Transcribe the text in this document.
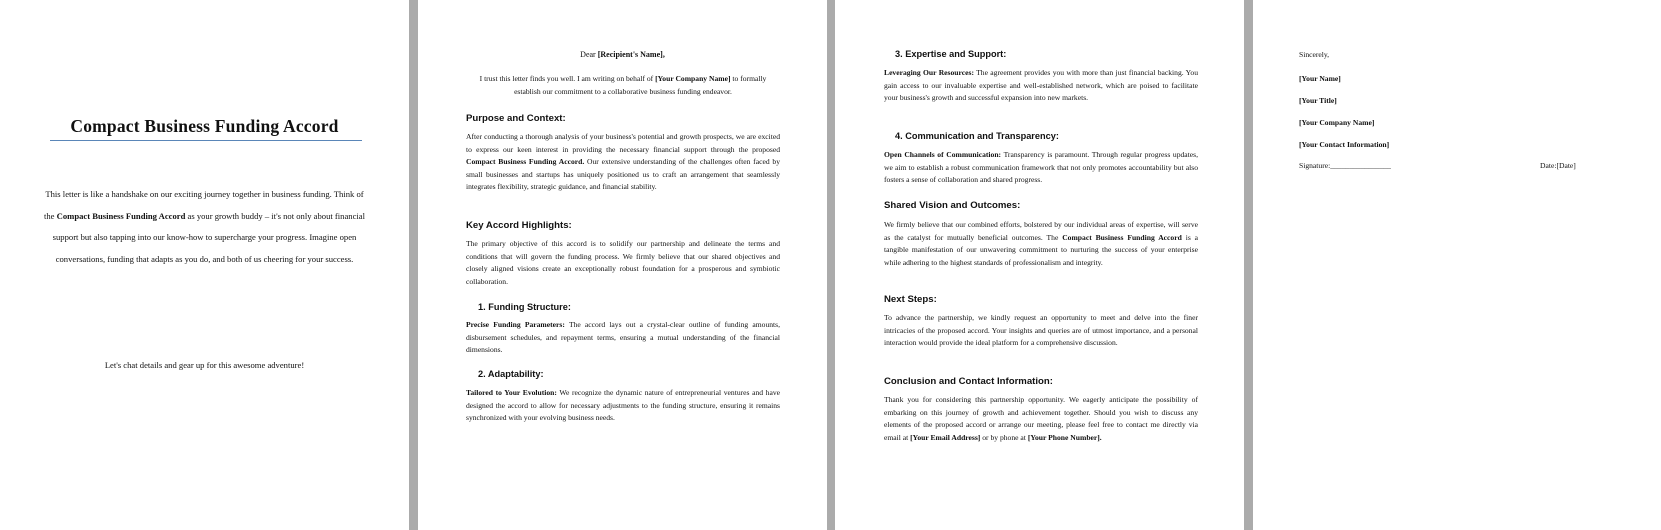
Compact Business Funding Accord
This letter is like a handshake on our exciting journey together in business funding. Think of the Compact Business Funding Accord as your growth buddy – it's not only about financial support but also tapping into our know-how to supercharge your progress. Imagine open conversations, funding that adapts as you do, and both of us cheering for your success.
Let's chat details and gear up for this awesome adventure!
Dear [Recipient's Name],
I trust this letter finds you well. I am writing on behalf of [Your Company Name] to formally establish our commitment to a collaborative business funding endeavor.
Purpose and Context:
After conducting a thorough analysis of your business's potential and growth prospects, we are excited to express our keen interest in providing the necessary financial support through the proposed Compact Business Funding Accord. Our extensive understanding of the challenges often faced by small businesses and startups has uniquely positioned us to craft an arrangement that seamlessly integrates flexibility, strategic guidance, and financial stability.
Key Accord Highlights:
The primary objective of this accord is to solidify our partnership and delineate the terms and conditions that will govern the funding process. We firmly believe that our shared objectives and closely aligned visions create an exceptionally robust foundation for a prosperous and symbiotic collaboration.
1. Funding Structure:
Precise Funding Parameters: The accord lays out a crystal-clear outline of funding amounts, disbursement schedules, and repayment terms, ensuring a mutual understanding of the financial dimensions.
2. Adaptability:
Tailored to Your Evolution: We recognize the dynamic nature of entrepreneurial ventures and have designed the accord to allow for necessary adjustments to the funding structure, ensuring it remains synchronized with your evolving business needs.
3. Expertise and Support:
Leveraging Our Resources: The agreement provides you with more than just financial backing. You gain access to our invaluable expertise and well-established network, which are poised to facilitate your business's growth and successful expansion into new markets.
4. Communication and Transparency:
Open Channels of Communication: Transparency is paramount. Through regular progress updates, we aim to establish a robust communication framework that not only promotes accountability but also fosters a sense of collaboration and shared progress.
Shared Vision and Outcomes:
We firmly believe that our combined efforts, bolstered by our individual areas of expertise, will serve as the catalyst for mutually beneficial outcomes. The Compact Business Funding Accord is a tangible manifestation of our unwavering commitment to nurturing the success of your enterprise while adhering to the highest standards of professionalism and integrity.
Next Steps:
To advance the partnership, we kindly request an opportunity to meet and delve into the finer intricacies of the proposed accord. Your insights and queries are of utmost importance, and a personal interaction would provide the ideal platform for a comprehensive discussion.
Conclusion and Contact Information:
Thank you for considering this partnership opportunity. We eagerly anticipate the possibility of embarking on this journey of growth and achievement together. Should you wish to discuss any elements of the proposed accord or arrange our meeting, please feel free to contact me directly via email at [Your Email Address] or by phone at [Your Phone Number].
Sincerely,
[Your Name]
[Your Title]
[Your Company Name]
[Your Contact Information]
Signature:________________	Date:[Date]
